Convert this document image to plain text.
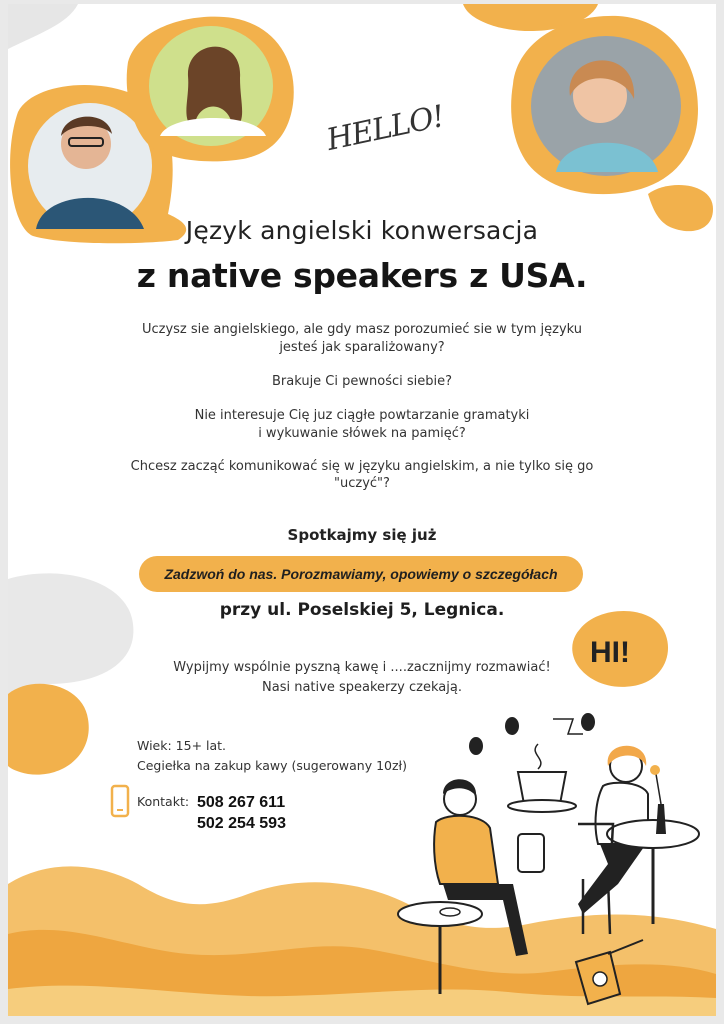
HELLO!
Język angielski konwersacja
z native speakers z USA.
Uczysz sie angielskiego, ale gdy masz porozumieć sie w tym języku
jesteś jak sparaliżowany?
Brakuje Ci pewności siebie?
Nie interesuje Cię juz ciągłe powtarzanie gramatyki
i wykuwanie słówek na pamięć?
Chcesz zacząć komunikować się w języku angielskim, a nie tylko się go
"uczyć"?
Spotkajmy się już
Zadzwoń do nas. Porozmawiamy, opowiemy o szczegółach
przy ul. Poselskiej 5, Legnica.
HI!
Wypijmy wspólnie pyszną kawę i ....zacznijmy rozmawiać!
Nasi native speakerzy czekają.
Wiek: 15+ lat.
Cegiełka na zakup kawy (sugerowany 10zł)
Kontakt: 508 267 611
502 254 593
